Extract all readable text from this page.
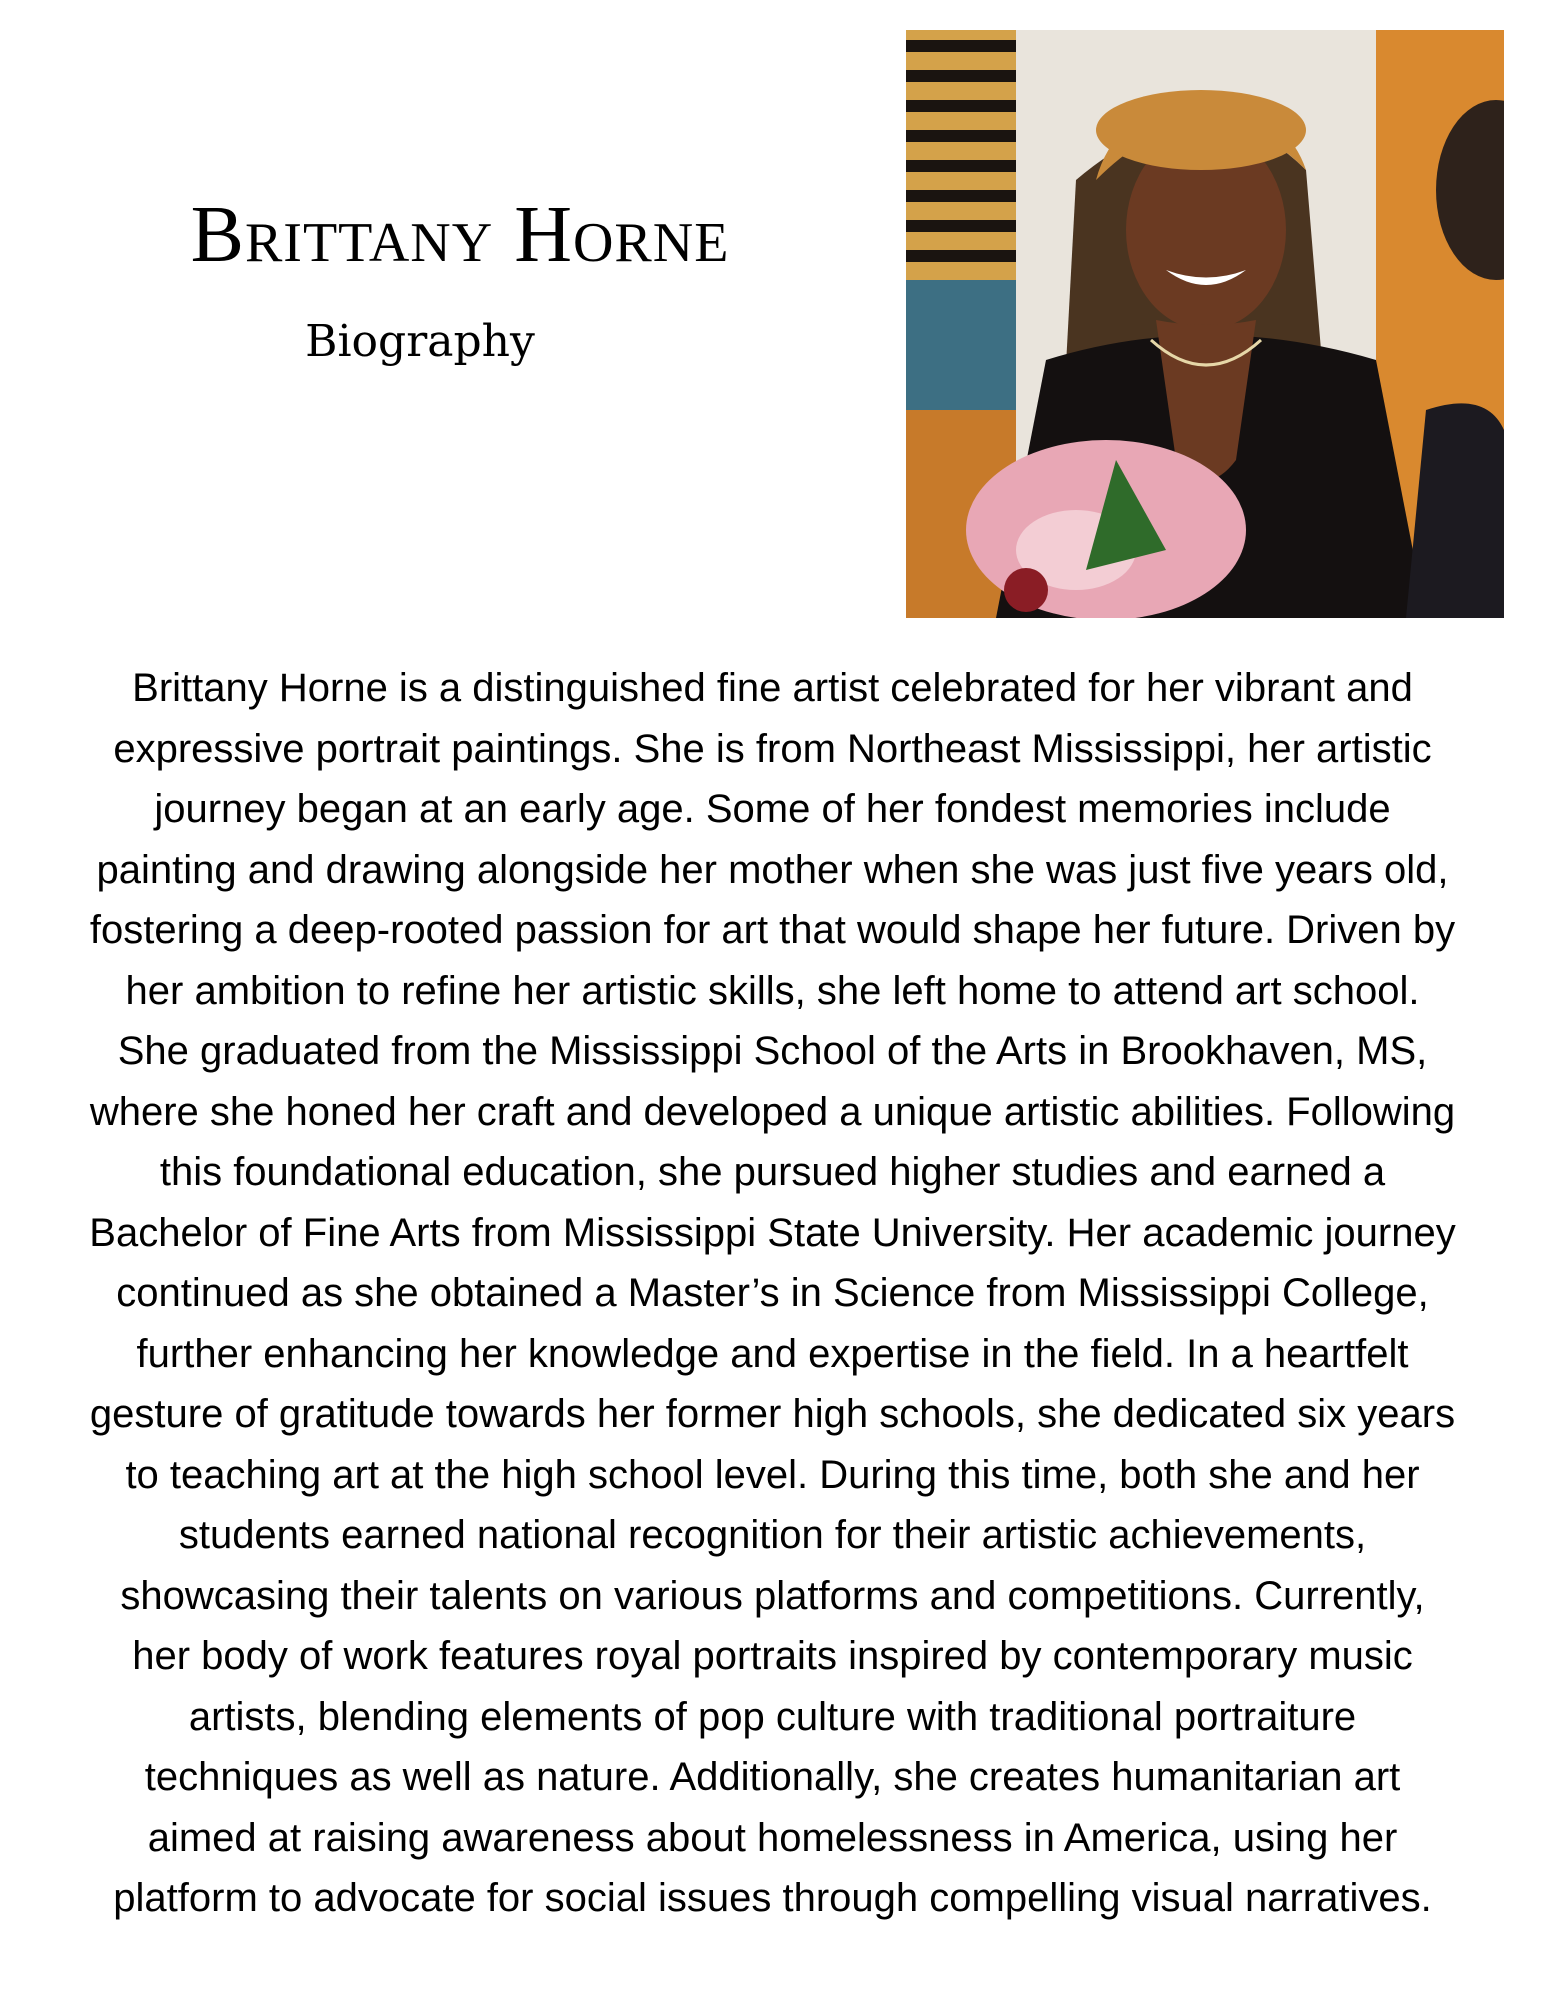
Brittany Horne
Biography

Brittany Horne is a distinguished fine artist celebrated for her vibrant and
expressive portrait paintings. She is from Northeast Mississippi, her artistic
journey began at an early age. Some of her fondest memories include
painting and drawing alongside her mother when she was just five years old,
fostering a deep-rooted passion for art that would shape her future. Driven by
her ambition to refine her artistic skills, she left home to attend art school.
She graduated from the Mississippi School of the Arts in Brookhaven, MS,
where she honed her craft and developed a unique artistic abilities. Following
this foundational education, she pursued higher studies and earned a
Bachelor of Fine Arts from Mississippi State University. Her academic journey
continued as she obtained a Master’s in Science from Mississippi College,
further enhancing her knowledge and expertise in the field. In a heartfelt
gesture of gratitude towards her former high schools, she dedicated six years
to teaching art at the high school level. During this time, both she and her
students earned national recognition for their artistic achievements,
showcasing their talents on various platforms and competitions. Currently,
her body of work features royal portraits inspired by contemporary music
artists, blending elements of pop culture with traditional portraiture
techniques as well as nature. Additionally, she creates humanitarian art
aimed at raising awareness about homelessness in America, using her
platform to advocate for social issues through compelling visual narratives.
